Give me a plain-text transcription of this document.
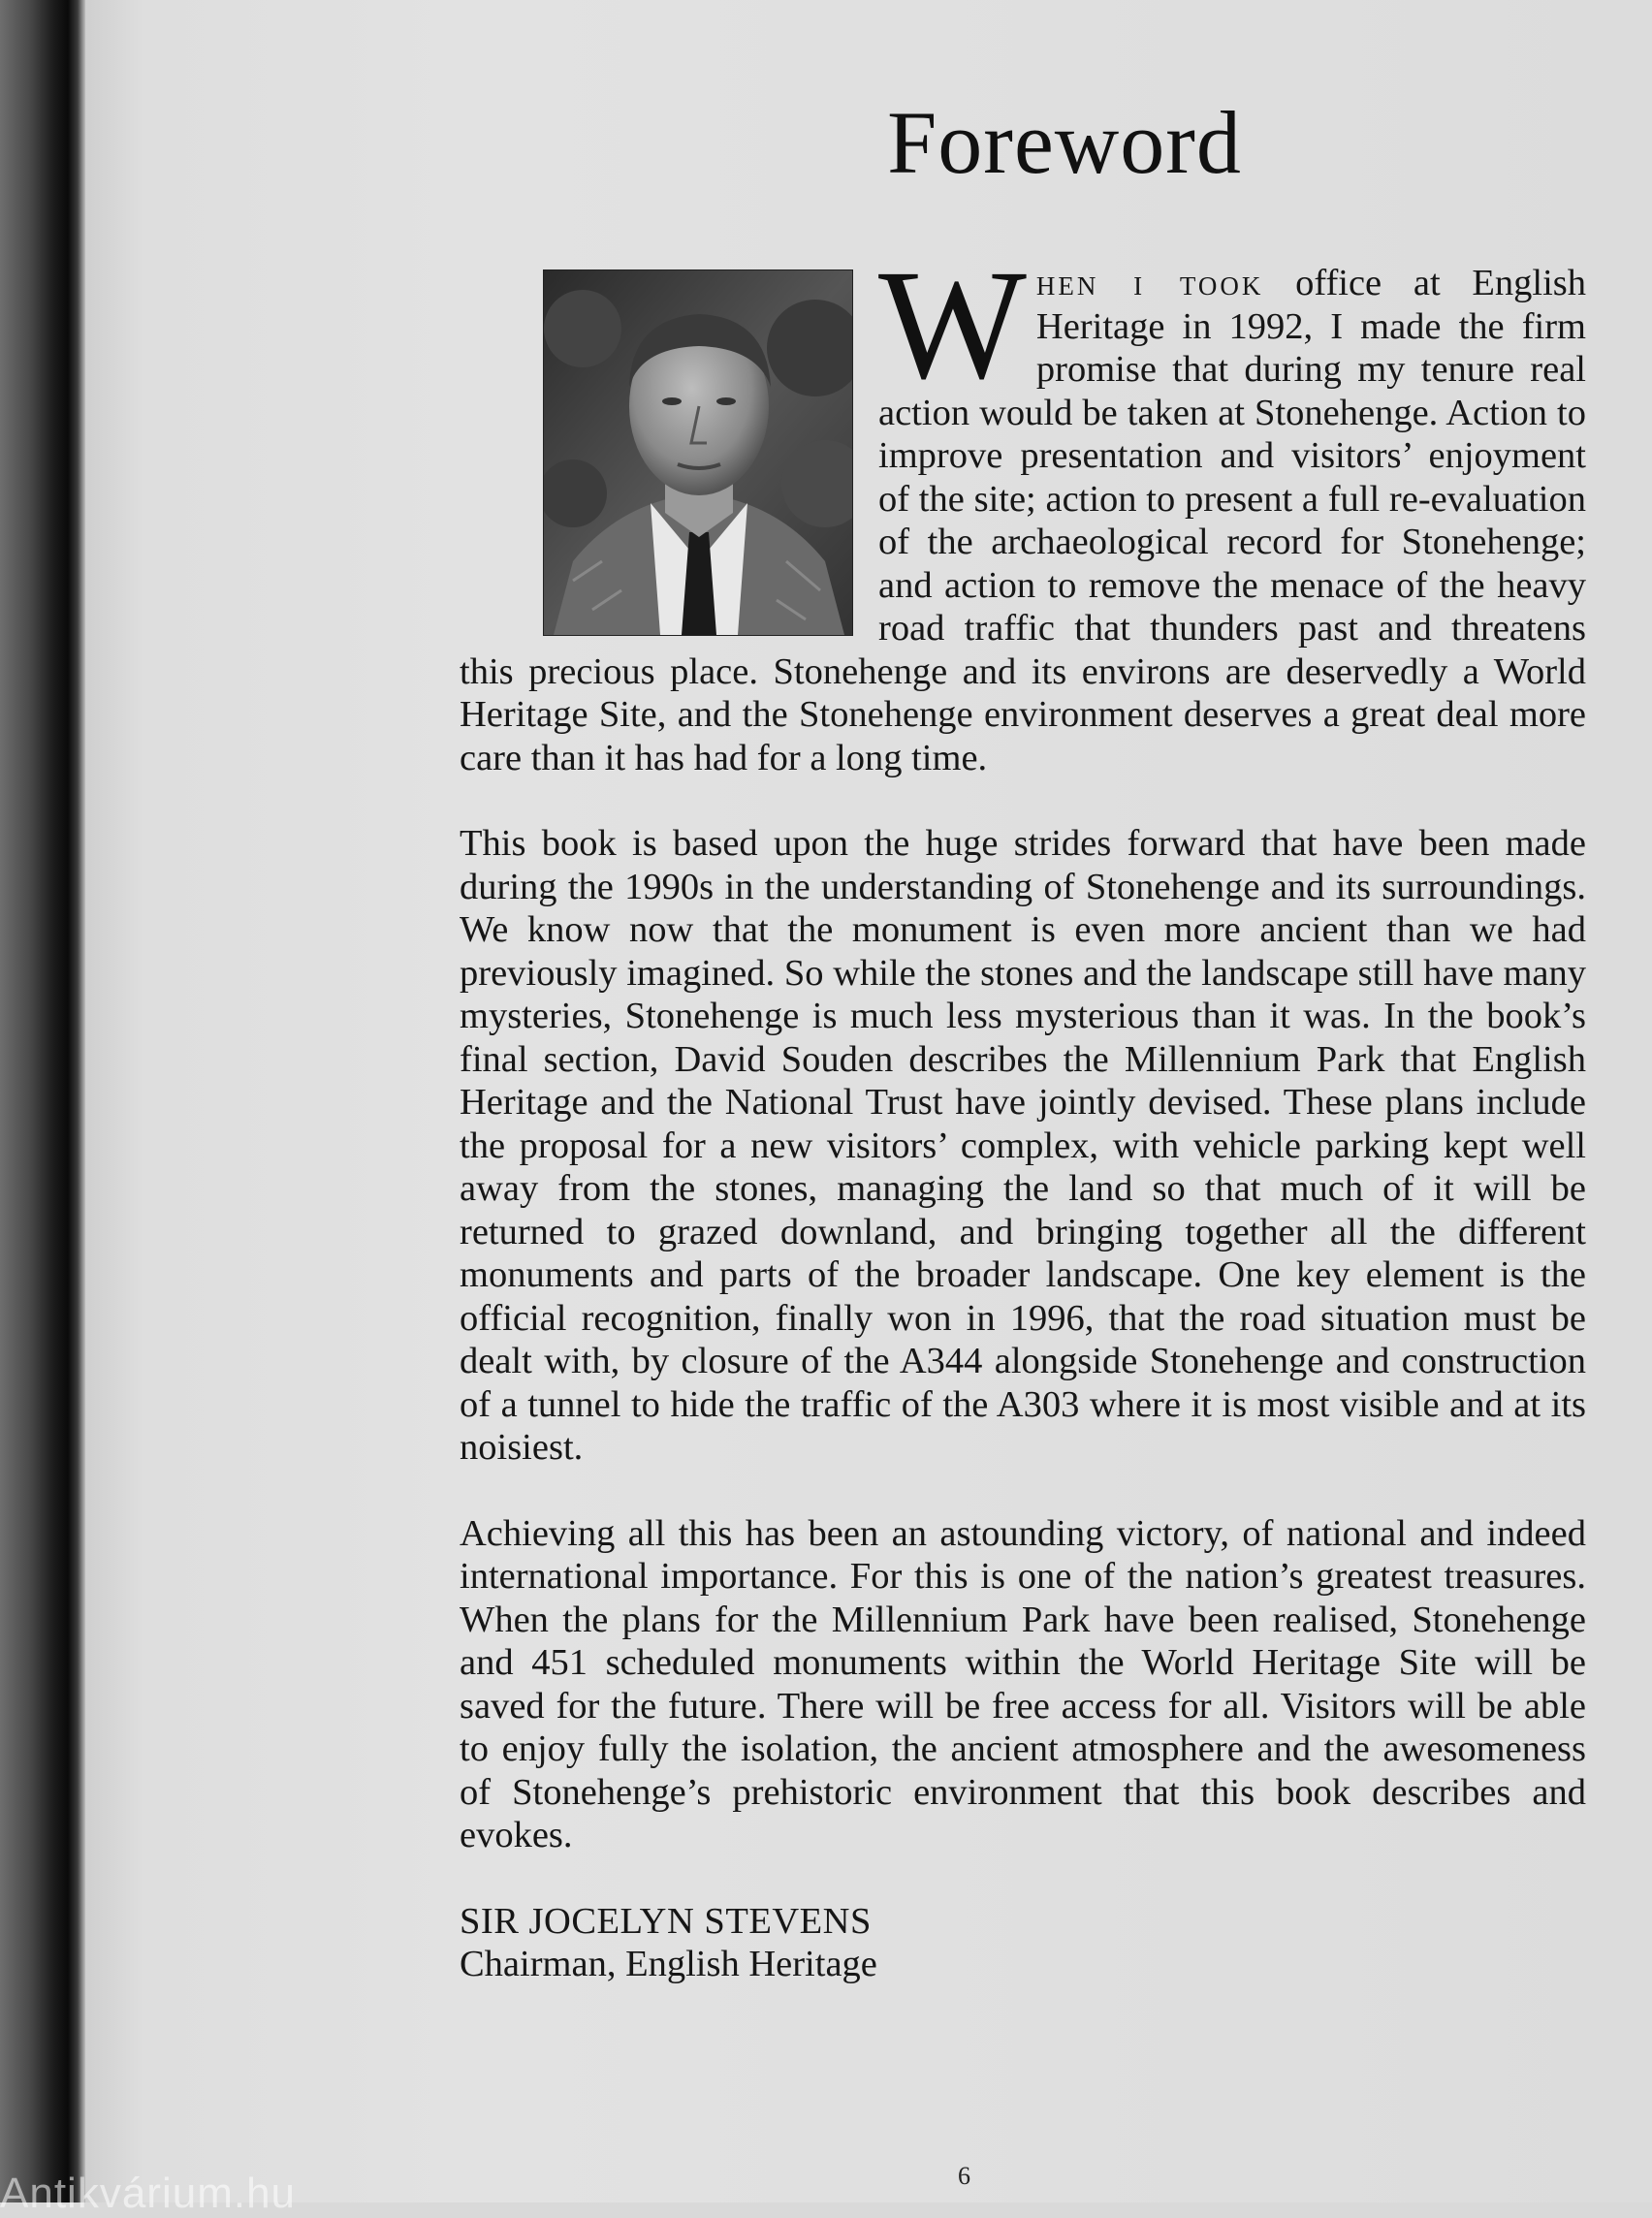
Foreword

When i took office at English Heritage in 1992, I made the firm promise that during my tenure real action would be taken at Stonehenge. Action to improve presentation and visitors’ enjoyment of the site; action to present a full re-evaluation of the archaeological record for Stonehenge; and action to remove the menace of the heavy road traffic that thunders past and threatens this precious place. Stonehenge and its environs are deservedly a World Heritage Site, and the Stonehenge environment deserves a great deal more care than it has had for a long time.

This book is based upon the huge strides forward that have been made during the 1990s in the understanding of Stonehenge and its surroundings. We know now that the monument is even more ancient than we had previously imagined. So while the stones and the landscape still have many mysteries, Stonehenge is much less mysterious than it was. In the book’s final section, David Souden describes the Millennium Park that English Heritage and the National Trust have jointly devised. These plans include the proposal for a new visitors’ complex, with vehicle parking kept well away from the stones, managing the land so that much of it will be returned to grazed downland, and bringing together all the different monuments and parts of the broader landscape. One key element is the official recognition, finally won in 1996, that the road situation must be dealt with, by closure of the A344 alongside Stonehenge and construction of a tunnel to hide the traffic of the A303 where it is most visible and at its noisiest.

Achieving all this has been an astounding victory, of national and indeed international importance. For this is one of the nation’s greatest treasures. When the plans for the Millennium Park have been realised, Stonehenge and 451 scheduled monuments within the World Heritage Site will be saved for the future. There will be free access for all. Visitors will be able to enjoy fully the isolation, the ancient atmosphere and the awesomeness of Stonehenge’s prehistoric environment that this book describes and evokes.

SIR JOCELYN STEVENS
Chairman, English Heritage

6
Antikvárium.hu
